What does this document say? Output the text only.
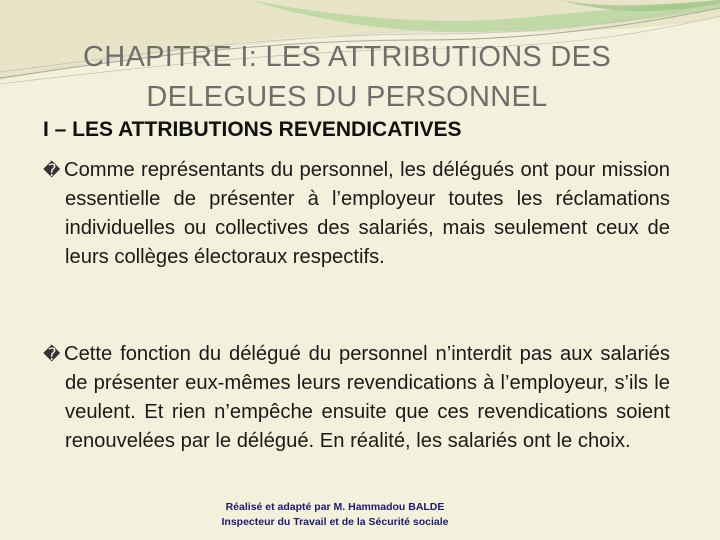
CHAPITRE I: LES ATTRIBUTIONS DES
DELEGUES DU PERSONNEL
I – LES ATTRIBUTIONS REVENDICATIVES
� Comme représentants du personnel, les délégués ont pour mission essentielle de présenter à l’employeur toutes les réclamations individuelles ou collectives des salariés, mais seulement ceux de leurs collèges électoraux respectifs.
� Cette fonction du délégué du personnel n’interdit pas aux salariés de présenter eux-mêmes leurs revendications à l’employeur, s’ils le veulent. Et rien n’empêche ensuite que ces revendications soient renouvelées par le délégué. En réalité, les salariés ont le choix.
Réalisé et adapté par M. Hammadou BALDE
Inspecteur du Travail et de la Sécurité sociale
